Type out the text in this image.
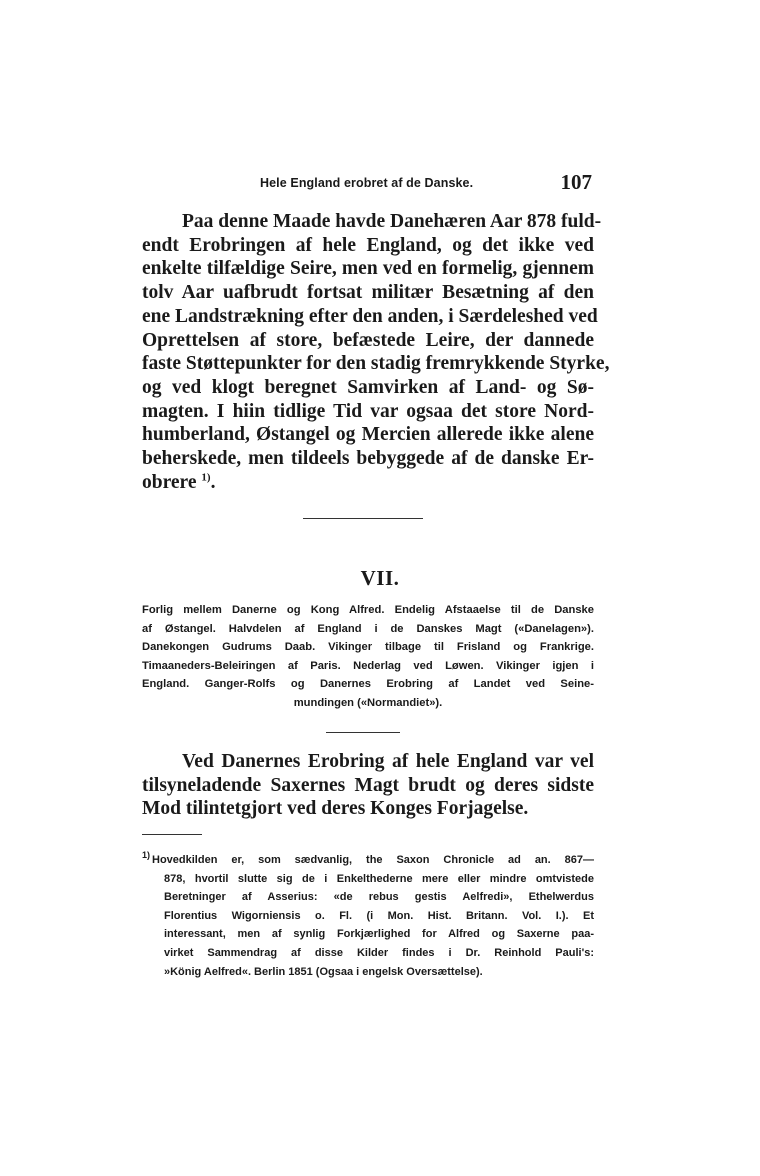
Hele England erobret af de Danske.	107
Paa denne Maade havde Danehæren Aar 878 fuld-
endt Erobringen af hele England, og det ikke ved
enkelte tilfældige Seire, men ved en formelig, gjennem
tolv Aar uafbrudt fortsat militær Besætning af den
ene Landstrækning efter den anden, i Særdeleshed ved
Oprettelsen af store, befæstede Leire, der dannede
faste Støttepunkter for den stadig fremrykkende Styrke,
og ved klogt beregnet Samvirken af Land- og Sø-
magten. I hiin tidlige Tid var ogsaa det store Nord-
humberland, Østangel og Mercien allerede ikke alene
beherskede, men tildeels bebyggede af de danske Er-
obrere $^{1)}$.
VII.
Forlig mellem Danerne og Kong Alfred. Endelig Afstaaelse til de Danske
af Østangel. Halvdelen af England i de Danskes Magt («Danelagen»).
Danekongen Gudrums Daab. Vikinger tilbage til Frisland og Frankrige.
Timaaneders-Beleiringen af Paris. Nederlag ved Løwen. Vikinger igjen i
England. Ganger-Rolfs og Danernes Erobring af Landet ved Seine-
mundingen («Normandiet»).
Ved Danernes Erobring af hele England var vel
tilsyneladende Saxernes Magt brudt og deres sidste
Mod tilintetgjort ved deres Konges Forjagelse.
$^{1)}$ Hovedkilden er, som sædvanlig, the Saxon Chronicle ad an. 867—
878, hvortil slutte sig de i Enkelthederne mere eller mindre omtvistede
Beretninger af Asserius: «de rebus gestis Aelfredi», Ethelwerdus
Florentius Wigorniensis o. Fl. (i Mon. Hist. Britann. Vol. I.). Et
interessant, men af synlig Forkjærlighed for Alfred og Saxerne paa-
virket Sammendrag af disse Kilder findes i Dr. Reinhold Pauli's:
»König Aelfred«. Berlin 1851 (Ogsaa i engelsk Oversættelse).
